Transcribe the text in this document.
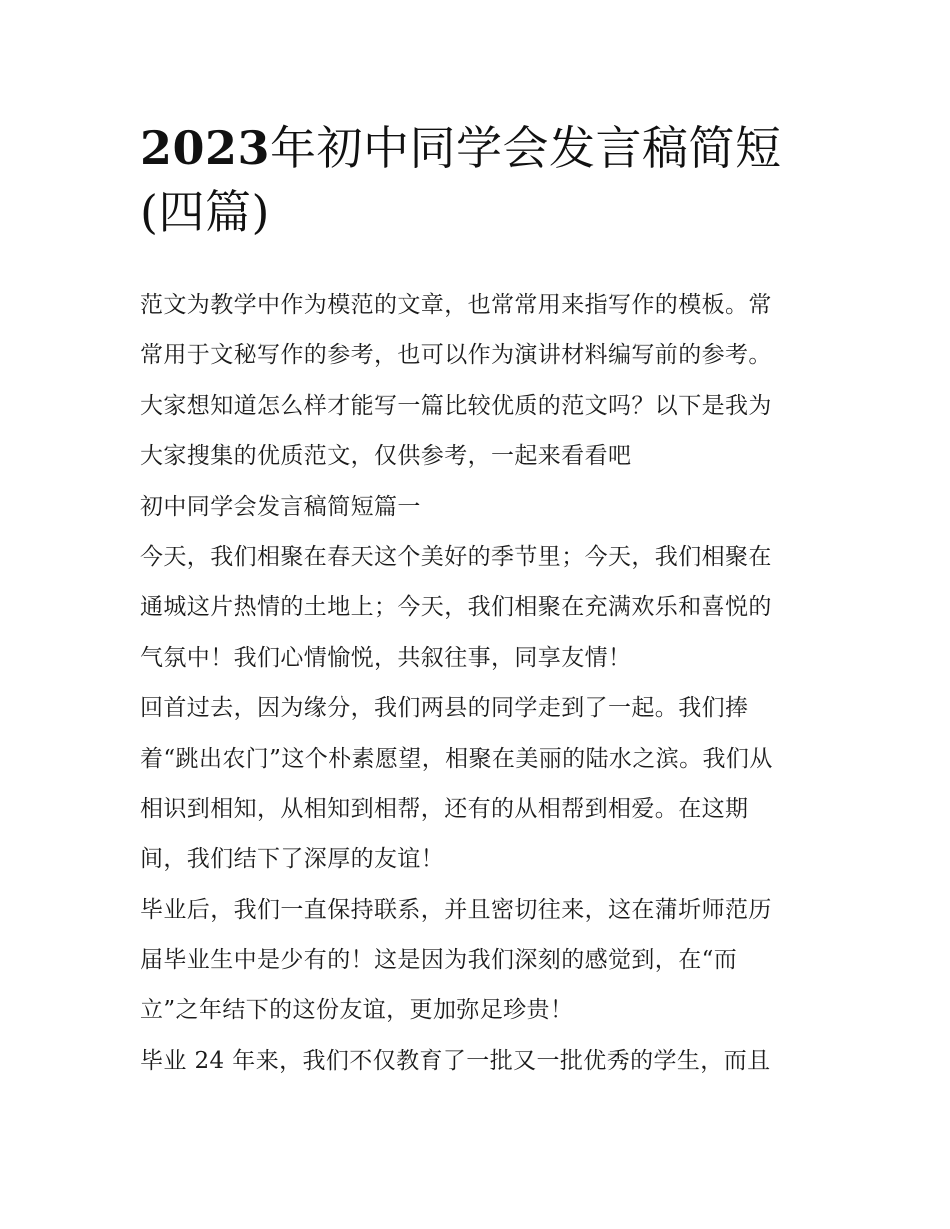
2023年初中同学会发言稿简短
(四篇)
范文为教学中作为模范的文章，也常常用来指写作的模板。常
常用于文秘写作的参考，也可以作为演讲材料编写前的参考。
大家想知道怎么样才能写一篇比较优质的范文吗？以下是我为
大家搜集的优质范文，仅供参考，一起来看看吧
初中同学会发言稿简短篇一
今天，我们相聚在春天这个美好的季节里；今天，我们相聚在
通城这片热情的土地上；今天，我们相聚在充满欢乐和喜悦的
气氛中！我们心情愉悦，共叙往事，同享友情！
回首过去，因为缘分，我们两县的同学走到了一起。我们捧
着“跳出农门”这个朴素愿望，相聚在美丽的陆水之滨。我们从
相识到相知，从相知到相帮，还有的从相帮到相爱。在这期
间，我们结下了深厚的友谊！
毕业后，我们一直保持联系，并且密切往来，这在蒲圻师范历
届毕业生中是少有的！这是因为我们深刻的感觉到，在“而
立”之年结下的这份友谊，更加弥足珍贵！
毕业 24 年来，我们不仅教育了一批又一批优秀的学生，而且
